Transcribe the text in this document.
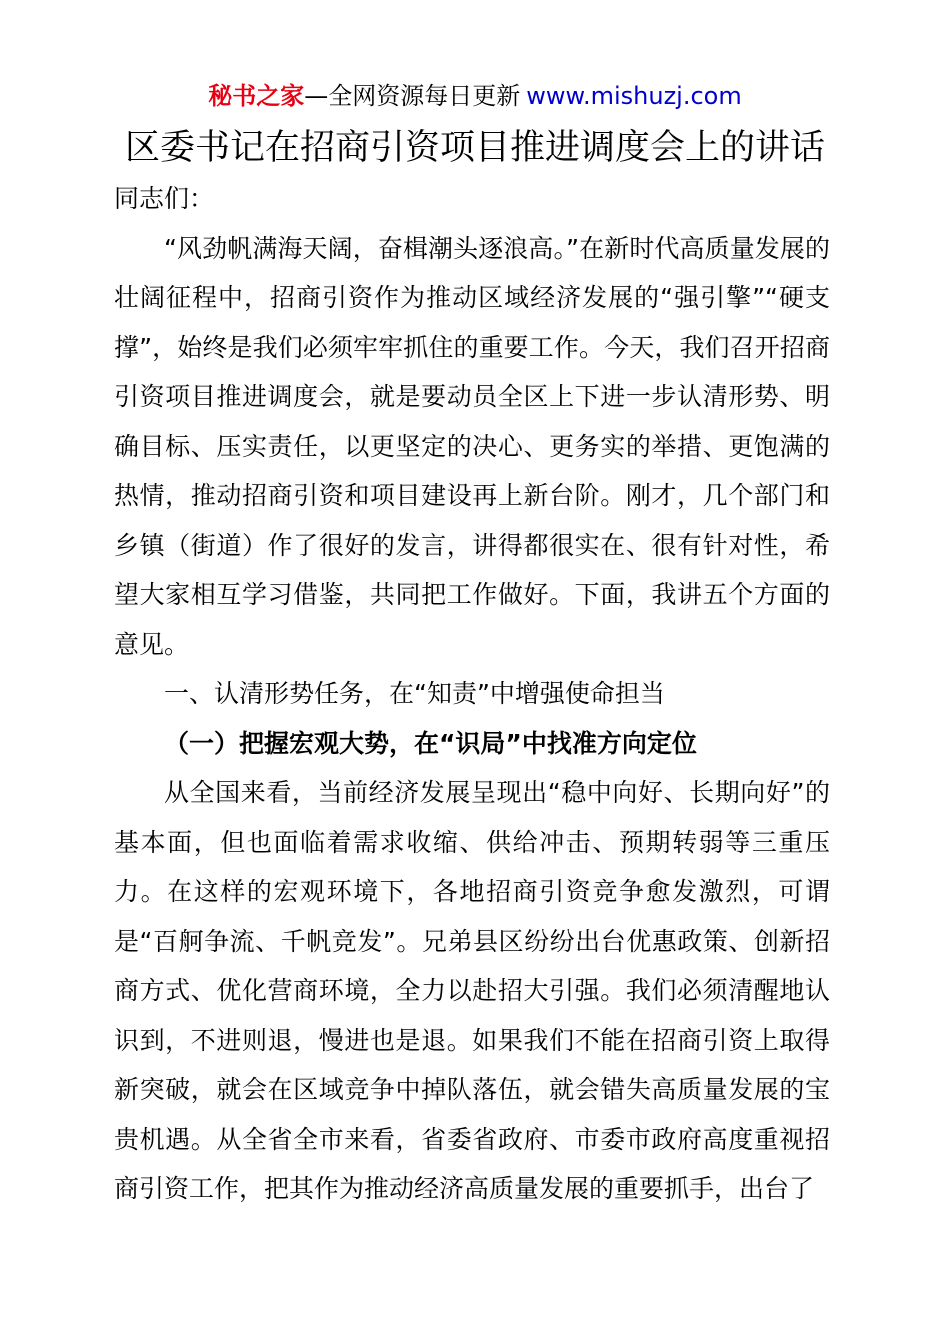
秘书之家—全网资源每日更新 www.mishuzj.com
区委书记在招商引资项目推进调度会上的讲话

同志们：

“风劲帆满海天阔，奋楫潮头逐浪高。”在新时代高质量发展的壮阔征程中，招商引资作为推动区域经济发展的“强引擎”“硬支撑”，始终是我们必须牢牢抓住的重要工作。今天，我们召开招商引资项目推进调度会，就是要动员全区上下进一步认清形势、明确目标、压实责任，以更坚定的决心、更务实的举措、更饱满的热情，推动招商引资和项目建设再上新台阶。刚才，几个部门和乡镇（街道）作了很好的发言，讲得都很实在、很有针对性，希望大家相互学习借鉴，共同把工作做好。下面，我讲五个方面的意见。

一、认清形势任务，在“知责”中增强使命担当

（一）把握宏观大势，在“识局”中找准方向定位

从全国来看，当前经济发展呈现出“稳中向好、长期向好”的基本面，但也面临着需求收缩、供给冲击、预期转弱等三重压力。在这样的宏观环境下，各地招商引资竞争愈发激烈，可谓是“百舸争流、千帆竞发”。兄弟县区纷纷出台优惠政策、创新招商方式、优化营商环境，全力以赴招大引强。我们必须清醒地认识到，不进则退，慢进也是退。如果我们不能在招商引资上取得新突破，就会在区域竞争中掉队落伍，就会错失高质量发展的宝贵机遇。从全省全市来看，省委省政府、市委市政府高度重视招商引资工作，把其作为推动经济高质量发展的重要抓手，出台了
